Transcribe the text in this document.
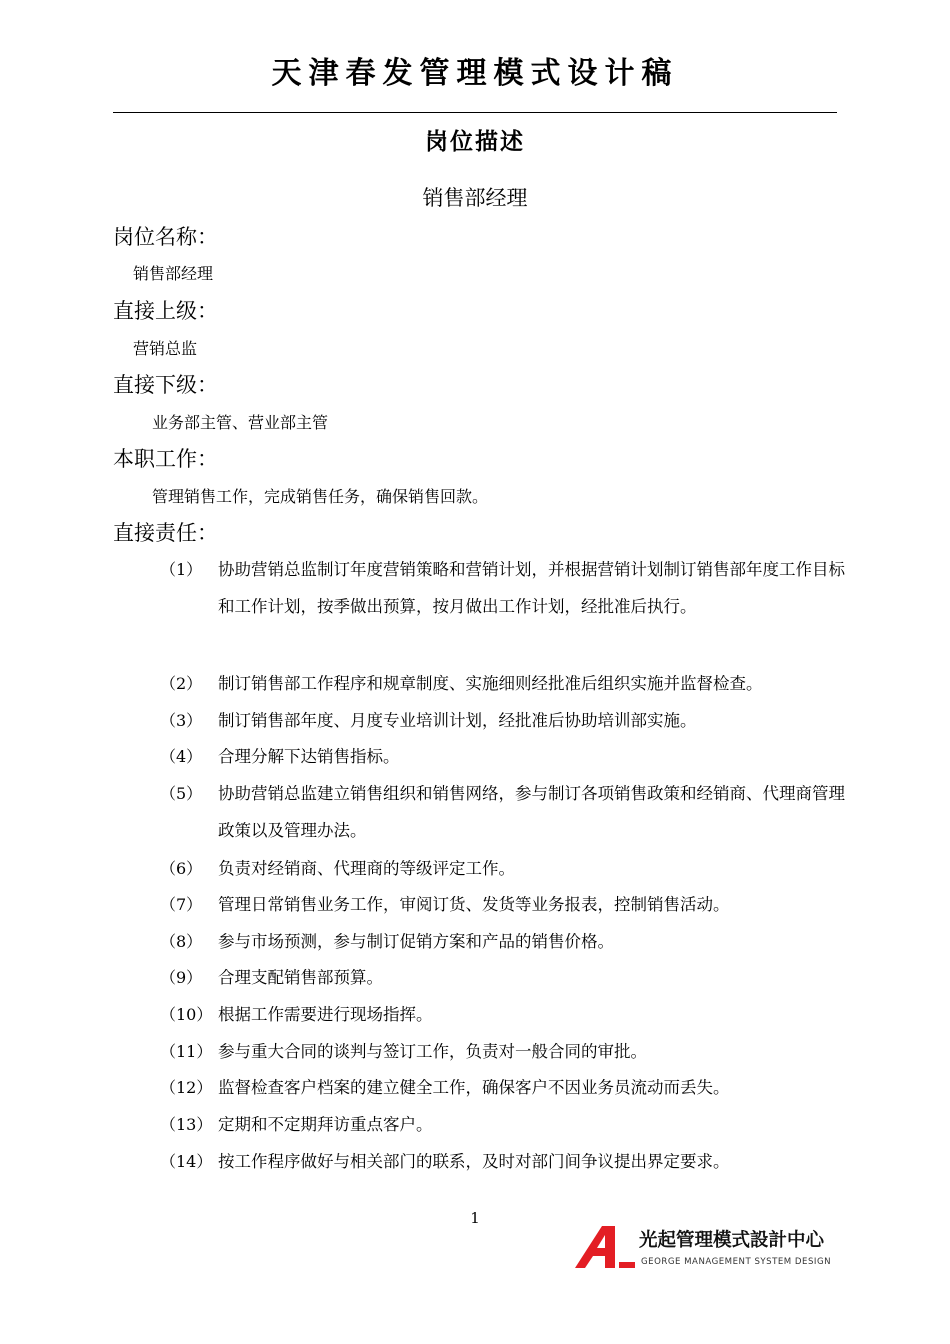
天津春发管理模式设计稿
岗位描述
销售部经理
岗位名称：
销售部经理
直接上级：
营销总监
直接下级：
业务部主管、营业部主管
本职工作：
管理销售工作，完成销售任务，确保销售回款。
直接责任：
（1） 协助营销总监制订年度营销策略和营销计划，并根据营销计划制订销售部年度工作目标和工作计划，按季做出预算，按月做出工作计划，经批准后执行。
（2） 制订销售部工作程序和规章制度、实施细则经批准后组织实施并监督检查。
（3） 制订销售部年度、月度专业培训计划，经批准后协助培训部实施。
（4） 合理分解下达销售指标。
（5） 协助营销总监建立销售组织和销售网络，参与制订各项销售政策和经销商、代理商管理政策以及管理办法。
（6） 负责对经销商、代理商的等级评定工作。
（7） 管理日常销售业务工作，审阅订货、发货等业务报表，控制销售活动。
（8） 参与市场预测，参与制订促销方案和产品的销售价格。
（9） 合理支配销售部预算。
（10） 根据工作需要进行现场指挥。
（11） 参与重大合同的谈判与签订工作，负责对一般合同的审批。
（12） 监督检查客户档案的建立健全工作，确保客户不因业务员流动而丢失。
（13） 定期和不定期拜访重点客户。
（14） 按工作程序做好与相关部门的联系，及时对部门间争议提出界定要求。
1
光起管理模式設計中心
GEORGE MANAGEMENT SYSTEM DESIGN
